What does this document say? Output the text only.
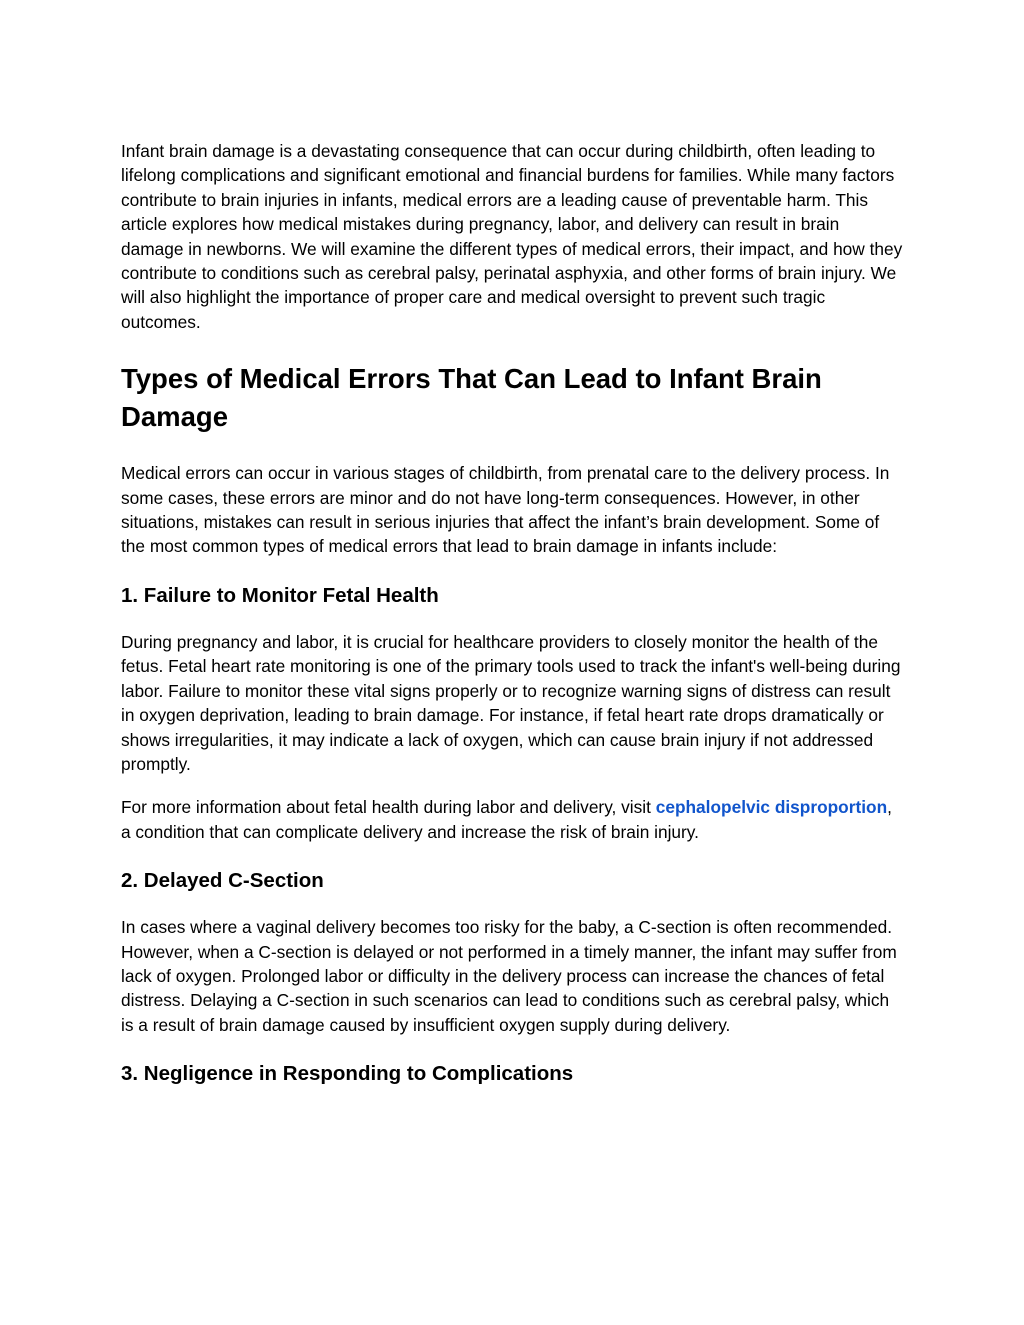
Infant brain damage is a devastating consequence that can occur during childbirth, often leading to lifelong complications and significant emotional and financial burdens for families. While many factors contribute to brain injuries in infants, medical errors are a leading cause of preventable harm. This article explores how medical mistakes during pregnancy, labor, and delivery can result in brain damage in newborns. We will examine the different types of medical errors, their impact, and how they contribute to conditions such as cerebral palsy, perinatal asphyxia, and other forms of brain injury. We will also highlight the importance of proper care and medical oversight to prevent such tragic outcomes.

Types of Medical Errors That Can Lead to Infant Brain Damage

Medical errors can occur in various stages of childbirth, from prenatal care to the delivery process. In some cases, these errors are minor and do not have long-term consequences. However, in other situations, mistakes can result in serious injuries that affect the infant’s brain development. Some of the most common types of medical errors that lead to brain damage in infants include:

1. Failure to Monitor Fetal Health

During pregnancy and labor, it is crucial for healthcare providers to closely monitor the health of the fetus. Fetal heart rate monitoring is one of the primary tools used to track the infant's well-being during labor. Failure to monitor these vital signs properly or to recognize warning signs of distress can result in oxygen deprivation, leading to brain damage. For instance, if fetal heart rate drops dramatically or shows irregularities, it may indicate a lack of oxygen, which can cause brain injury if not addressed promptly.

For more information about fetal health during labor and delivery, visit cephalopelvic disproportion, a condition that can complicate delivery and increase the risk of brain injury.

2. Delayed C-Section

In cases where a vaginal delivery becomes too risky for the baby, a C-section is often recommended. However, when a C-section is delayed or not performed in a timely manner, the infant may suffer from lack of oxygen. Prolonged labor or difficulty in the delivery process can increase the chances of fetal distress. Delaying a C-section in such scenarios can lead to conditions such as cerebral palsy, which is a result of brain damage caused by insufficient oxygen supply during delivery.

3. Negligence in Responding to Complications
